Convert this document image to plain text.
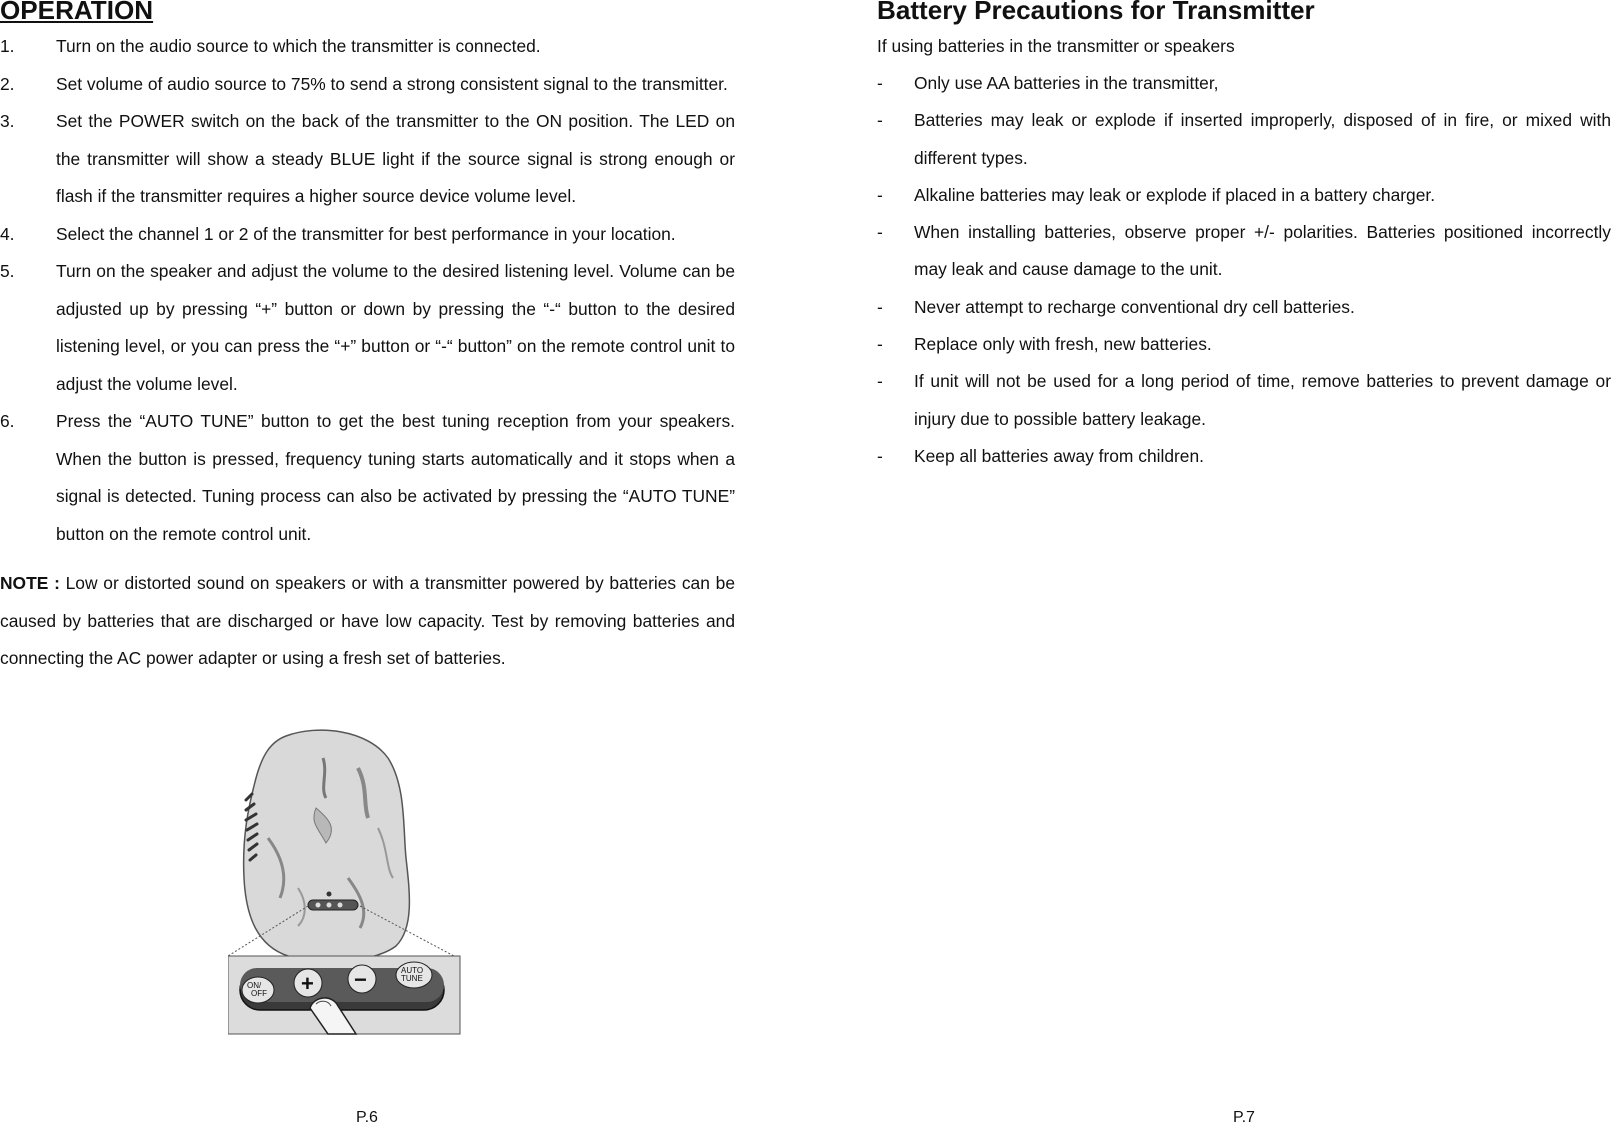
OPERATION
1. Turn on the audio source to which the transmitter is connected.
2. Set volume of audio source to 75% to send a strong consistent signal to the transmitter.
3. Set the POWER switch on the back of the transmitter to the ON position. The LED on the transmitter will show a steady BLUE light if the source signal is strong enough or flash if the transmitter requires a higher source device volume level.
4. Select the channel 1 or 2 of the transmitter for best performance in your location.
5. Turn on the speaker and adjust the volume to the desired listening level. Volume can be adjusted up by pressing “+” button or down by pressing the “-“ button to the desired listening level, or you can press the “+” button or “-“ button” on the remote control unit to adjust the volume level.
6. Press the “AUTO TUNE” button to get the best tuning reception from your speakers. When the button is pressed, frequency tuning starts automatically and it stops when a signal is detected. Tuning process can also be activated by pressing the “AUTO TUNE” button on the remote control unit.

NOTE : Low or distorted sound on speakers or with a transmitter powered by batteries can be caused by batteries that are discharged or have low capacity. Test by removing batteries and connecting the AC power adapter or using a fresh set of batteries.

ON/
OFF + −	AUTO
TUNE
P.6
Battery Precautions for Transmitter

If using batteries in the transmitter or speakers

- Only use AA batteries in the transmitter,
- Batteries may leak or explode if inserted improperly, disposed of in fire, or mixed with different types.
- Alkaline batteries may leak or explode if placed in a battery charger.
- When installing batteries, observe proper +/- polarities. Batteries positioned incorrectly may leak and cause damage to the unit.
- Never attempt to recharge conventional dry cell batteries.
- Replace only with fresh, new batteries.
- If unit will not be used for a long period of time, remove batteries to prevent damage or injury due to possible battery leakage.
- Keep all batteries away from children.
P.7
